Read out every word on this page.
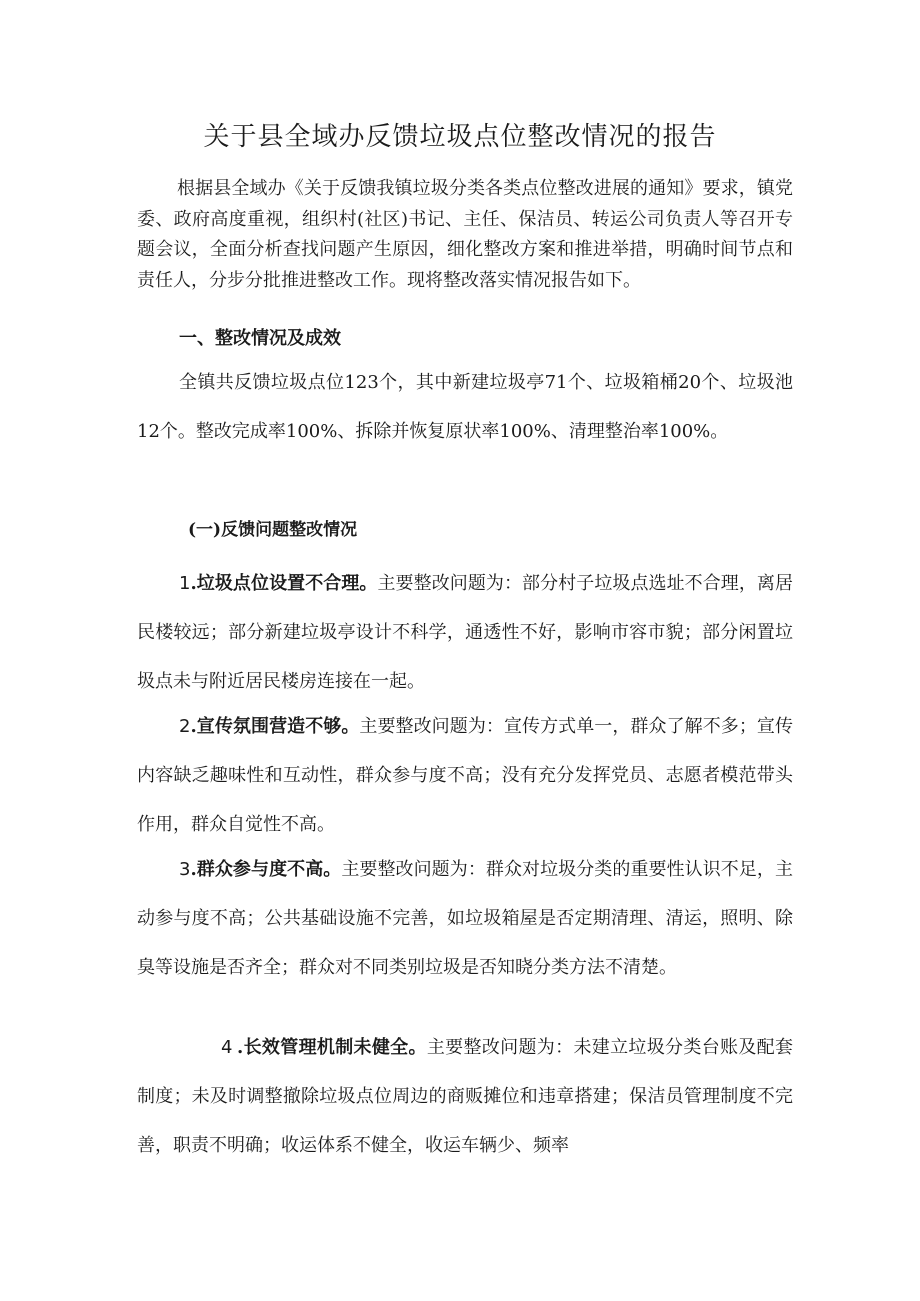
关于县全域办反馈垃圾点位整改情况的报告

根据县全域办《关于反馈我镇垃圾分类各类点位整改进展的通知》要求，镇党委、政府高度重视，组织村(社区)书记、主任、保洁员、转运公司负责人等召开专题会议，全面分析查找问题产生原因，细化整改方案和推进举措，明确时间节点和责任人，分步分批推进整改工作。现将整改落实情况报告如下。

一、整改情况及成效

全镇共反馈垃圾点位123个，其中新建垃圾亭71个、垃圾箱桶20个、垃圾池12个。整改完成率100%、拆除并恢复原状率100%、清理整治率100%。

(一)反馈问题整改情况

1.垃圾点位设置不合理。主要整改问题为：部分村子垃圾点选址不合理，离居民楼较远；部分新建垃圾亭设计不科学，通透性不好，影响市容市貌；部分闲置垃圾点未与附近居民楼房连接在一起。

2.宣传氛围营造不够。主要整改问题为：宣传方式单一，群众了解不多；宣传内容缺乏趣味性和互动性，群众参与度不高；没有充分发挥党员、志愿者模范带头作用，群众自觉性不高。

3.群众参与度不高。主要整改问题为：群众对垃圾分类的重要性认识不足，主动参与度不高；公共基础设施不完善，如垃圾箱屋是否定期清理、清运，照明、除臭等设施是否齐全；群众对不同类别垃圾是否知晓分类方法不清楚。

4 .长效管理机制未健全。主要整改问题为：未建立垃圾分类台账及配套制度；未及时调整撤除垃圾点位周边的商贩摊位和违章搭建；保洁员管理制度不完善，职责不明确；收运体系不健全，收运车辆少、频率
